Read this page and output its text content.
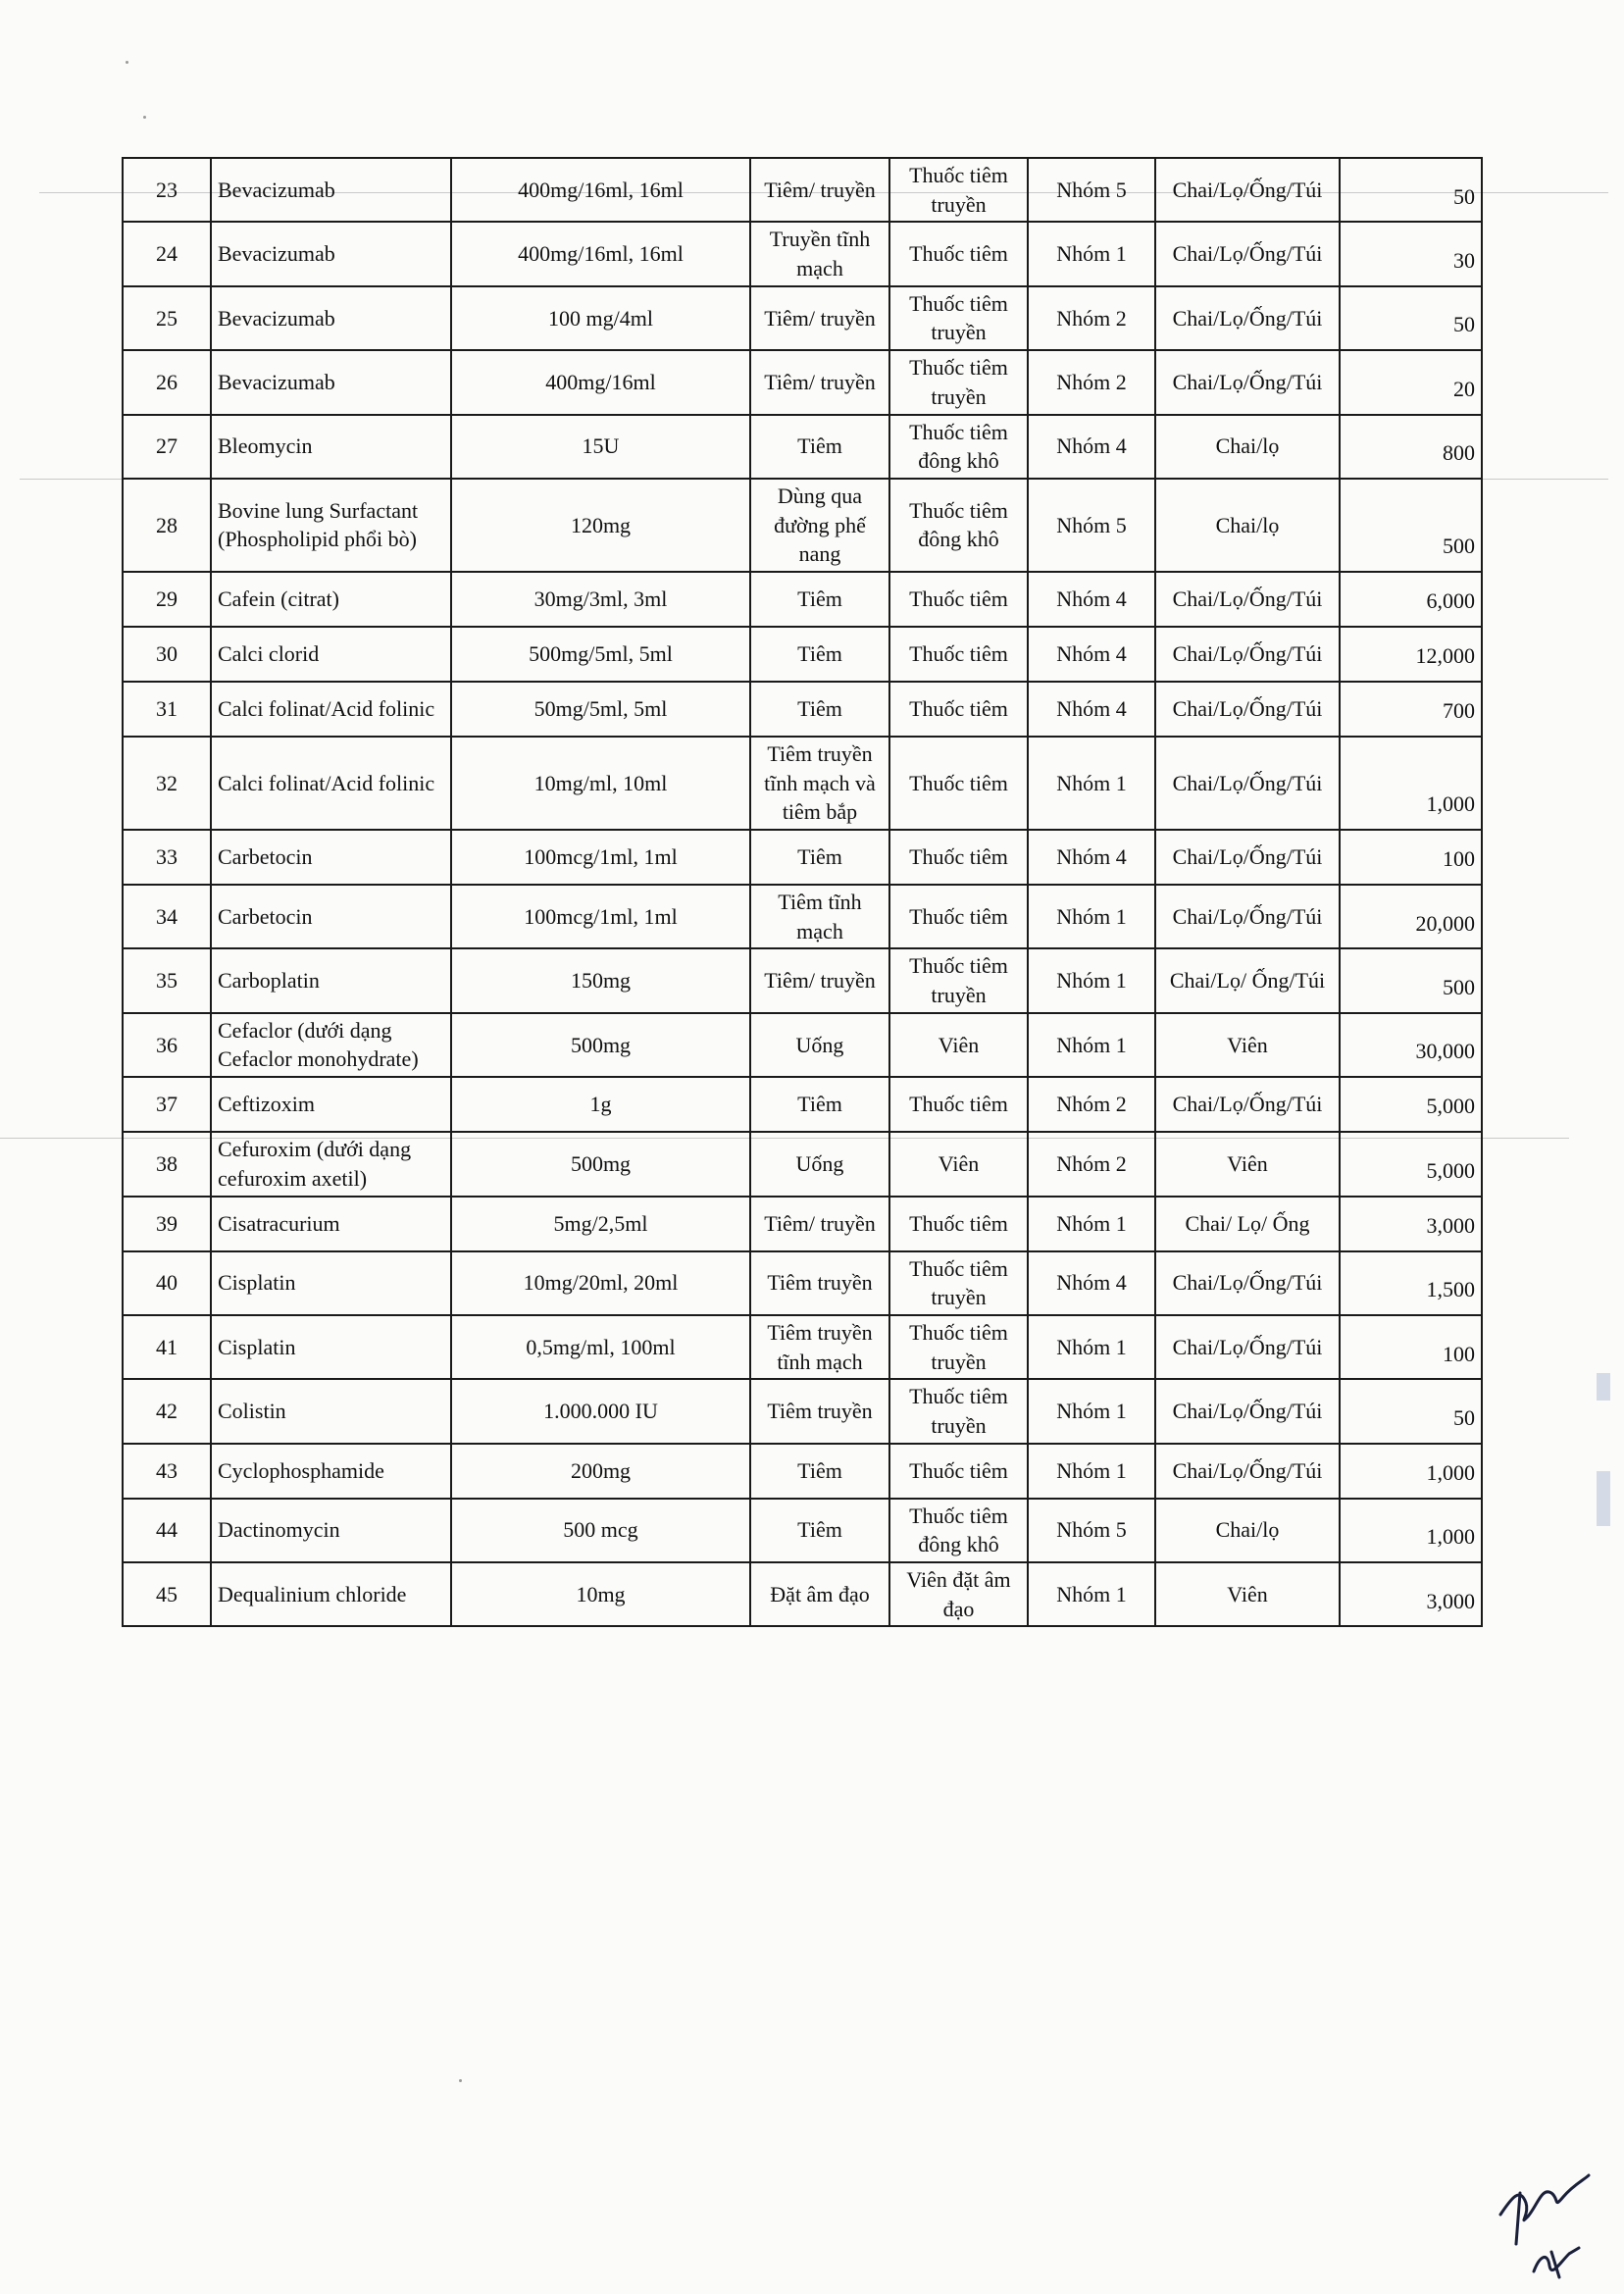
23	Bevacizumab	400mg/16ml, 16ml	Tiêm/ truyền	Thuốc tiêm truyền	Nhóm 5	Chai/Lọ/Ống/Túi	50
24	Bevacizumab	400mg/16ml, 16ml	Truyền tĩnh mạch	Thuốc tiêm	Nhóm 1	Chai/Lọ/Ống/Túi	30
25	Bevacizumab	100 mg/4ml	Tiêm/ truyền	Thuốc tiêm truyền	Nhóm 2	Chai/Lọ/Ống/Túi	50
26	Bevacizumab	400mg/16ml	Tiêm/ truyền	Thuốc tiêm truyền	Nhóm 2	Chai/Lọ/Ống/Túi	20
27	Bleomycin	15U	Tiêm	Thuốc tiêm đông khô	Nhóm 4	Chai/lọ	800
28	Bovine lung Surfactant (Phospholipid phổi bò)	120mg	Dùng qua đường phế nang	Thuốc tiêm đông khô	Nhóm 5	Chai/lọ	500
29	Cafein (citrat)	30mg/3ml, 3ml	Tiêm	Thuốc tiêm	Nhóm 4	Chai/Lọ/Ống/Túi	6,000
30	Calci clorid	500mg/5ml, 5ml	Tiêm	Thuốc tiêm	Nhóm 4	Chai/Lọ/Ống/Túi	12,000
31	Calci folinat/Acid folinic	50mg/5ml, 5ml	Tiêm	Thuốc tiêm	Nhóm 4	Chai/Lọ/Ống/Túi	700
32	Calci folinat/Acid folinic	10mg/ml, 10ml	Tiêm truyền tĩnh mạch và tiêm bắp	Thuốc tiêm	Nhóm 1	Chai/Lọ/Ống/Túi	1,000
33	Carbetocin	100mcg/1ml, 1ml	Tiêm	Thuốc tiêm	Nhóm 4	Chai/Lọ/Ống/Túi	100
34	Carbetocin	100mcg/1ml, 1ml	Tiêm tĩnh mạch	Thuốc tiêm	Nhóm 1	Chai/Lọ/Ống/Túi	20,000
35	Carboplatin	150mg	Tiêm/ truyền	Thuốc tiêm truyền	Nhóm 1	Chai/Lọ/ Ống/Túi	500
36	Cefaclor (dưới dạng Cefaclor monohydrate)	500mg	Uống	Viên	Nhóm 1	Viên	30,000
37	Ceftizoxim	1g	Tiêm	Thuốc tiêm	Nhóm 2	Chai/Lọ/Ống/Túi	5,000
38	Cefuroxim (dưới dạng cefuroxim axetil)	500mg	Uống	Viên	Nhóm 2	Viên	5,000
39	Cisatracurium	5mg/2,5ml	Tiêm/ truyền	Thuốc tiêm	Nhóm 1	Chai/ Lọ/ Ống	3,000
40	Cisplatin	10mg/20ml, 20ml	Tiêm truyền	Thuốc tiêm truyền	Nhóm 4	Chai/Lọ/Ống/Túi	1,500
41	Cisplatin	0,5mg/ml, 100ml	Tiêm truyền tĩnh mạch	Thuốc tiêm truyền	Nhóm 1	Chai/Lọ/Ống/Túi	100
42	Colistin	1.000.000 IU	Tiêm truyền	Thuốc tiêm truyền	Nhóm 1	Chai/Lọ/Ống/Túi	50
43	Cyclophosphamide	200mg	Tiêm	Thuốc tiêm	Nhóm 1	Chai/Lọ/Ống/Túi	1,000
44	Dactinomycin	500 mcg	Tiêm	Thuốc tiêm đông khô	Nhóm 5	Chai/lọ	1,000
45	Dequalinium chloride	10mg	Đặt âm đạo	Viên đặt âm đạo	Nhóm 1	Viên	3,000
